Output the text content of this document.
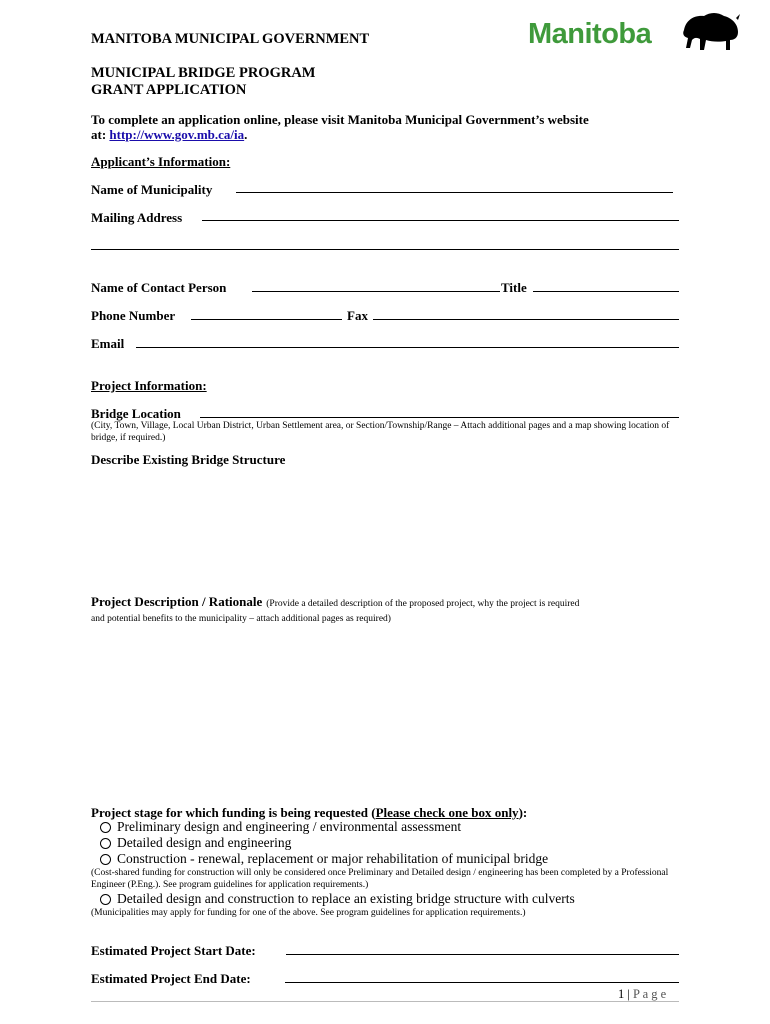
MANITOBA MUNICIPAL GOVERNMENT	Manitoba
MUNICIPAL BRIDGE PROGRAM
GRANT APPLICATION
To complete an application online, please visit Manitoba Municipal Government’s website
at: http://www.gov.mb.ca/ia.
Applicant’s Information:
Name of Municipality
Mailing Address
Name of Contact Person	Title
Phone Number	Fax
Email
Project Information:
Bridge Location
(City, Town, Village, Local Urban District, Urban Settlement area, or Section/Township/Range – Attach additional pages and a map showing location of bridge, if required.)
Describe Existing Bridge Structure
Project Description / Rationale (Provide a detailed description of the proposed project, why the project is required
and potential benefits to the municipality – attach additional pages as required)
Project stage for which funding is being requested (Please check one box only):
Preliminary design and engineering / environmental assessment
Detailed design and engineering
Construction - renewal, replacement or major rehabilitation of municipal bridge
(Cost-shared funding for construction will only be considered once Preliminary and Detailed design / engineering has been completed by a Professional Engineer (P.Eng.). See program guidelines for application requirements.)
Detailed design and construction to replace an existing bridge structure with culverts
(Municipalities may apply for funding for one of the above. See program guidelines for application requirements.)
Estimated Project Start Date:
Estimated Project End Date:
1 | P a g e
